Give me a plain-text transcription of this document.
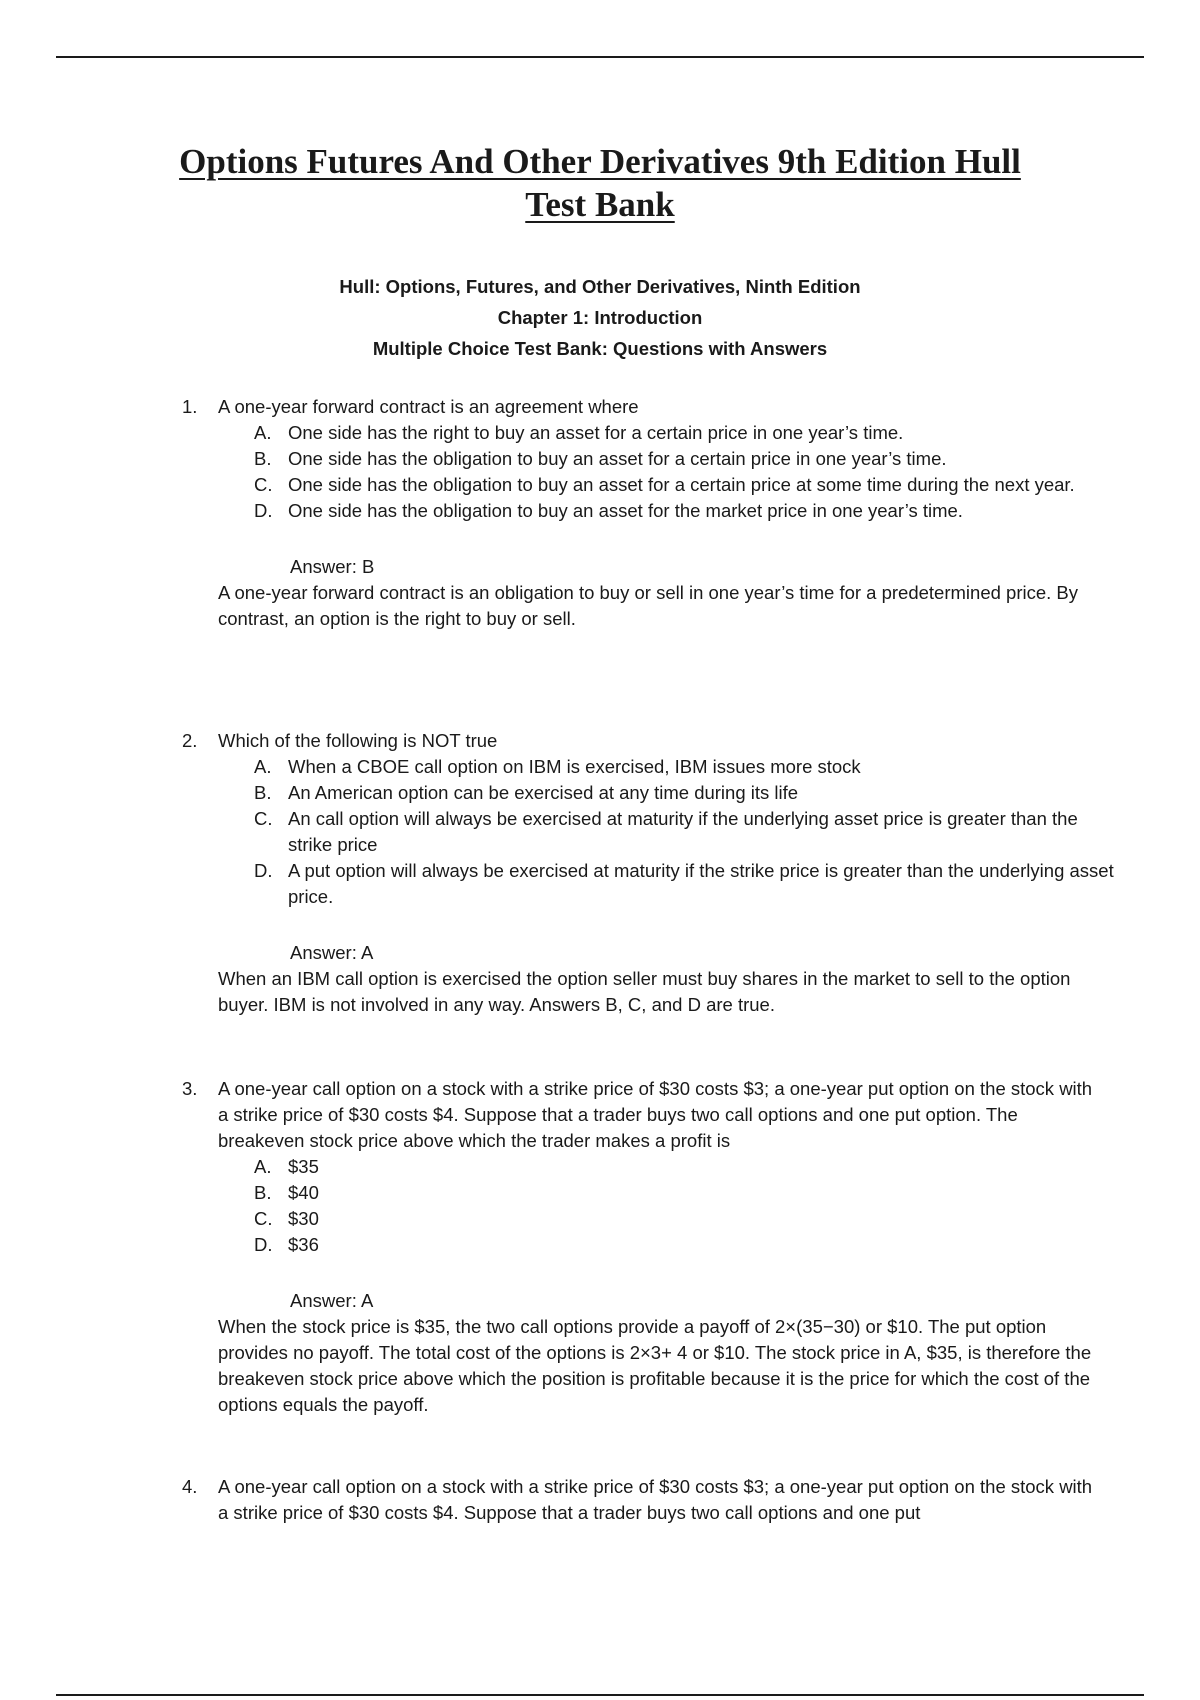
Options Futures And Other Derivatives 9th Edition Hull
Test Bank
Hull: Options, Futures, and Other Derivatives, Ninth Edition
Chapter 1: Introduction
Multiple Choice Test Bank: Questions with Answers
1. A one-year forward contract is an agreement where
A. One side has the right to buy an asset for a certain price in one year’s time.
B. One side has the obligation to buy an asset for a certain price in one year’s time.
C. One side has the obligation to buy an asset for a certain price at some time during the next year.
D. One side has the obligation to buy an asset for the market price in one year’s time.
Answer: B
A one-year forward contract is an obligation to buy or sell in one year’s time for a predetermined price. By contrast, an option is the right to buy or sell.
2. Which of the following is NOT true
A. When a CBOE call option on IBM is exercised, IBM issues more stock
B. An American option can be exercised at any time during its life
C. An call option will always be exercised at maturity if the underlying asset price is greater than the strike price
D. A put option will always be exercised at maturity if the strike price is greater than the underlying asset price.
Answer: A
When an IBM call option is exercised the option seller must buy shares in the market to sell to the option buyer. IBM is not involved in any way. Answers B, C, and D are true.
3. A one-year call option on a stock with a strike price of $30 costs $3; a one-year put option on the stock with a strike price of $30 costs $4. Suppose that a trader buys two call options and one put option. The breakeven stock price above which the trader makes a profit is
A. $35
B. $40
C. $30
D. $36
Answer: A
When the stock price is $35, the two call options provide a payoff of 2×(35−30) or $10. The put option provides no payoff. The total cost of the options is 2×3+ 4 or $10. The stock price in A, $35, is therefore the breakeven stock price above which the position is profitable because it is the price for which the cost of the options equals the payoff.
4. A one-year call option on a stock with a strike price of $30 costs $3; a one-year put option on the stock with a strike price of $30 costs $4. Suppose that a trader buys two call options and one put
